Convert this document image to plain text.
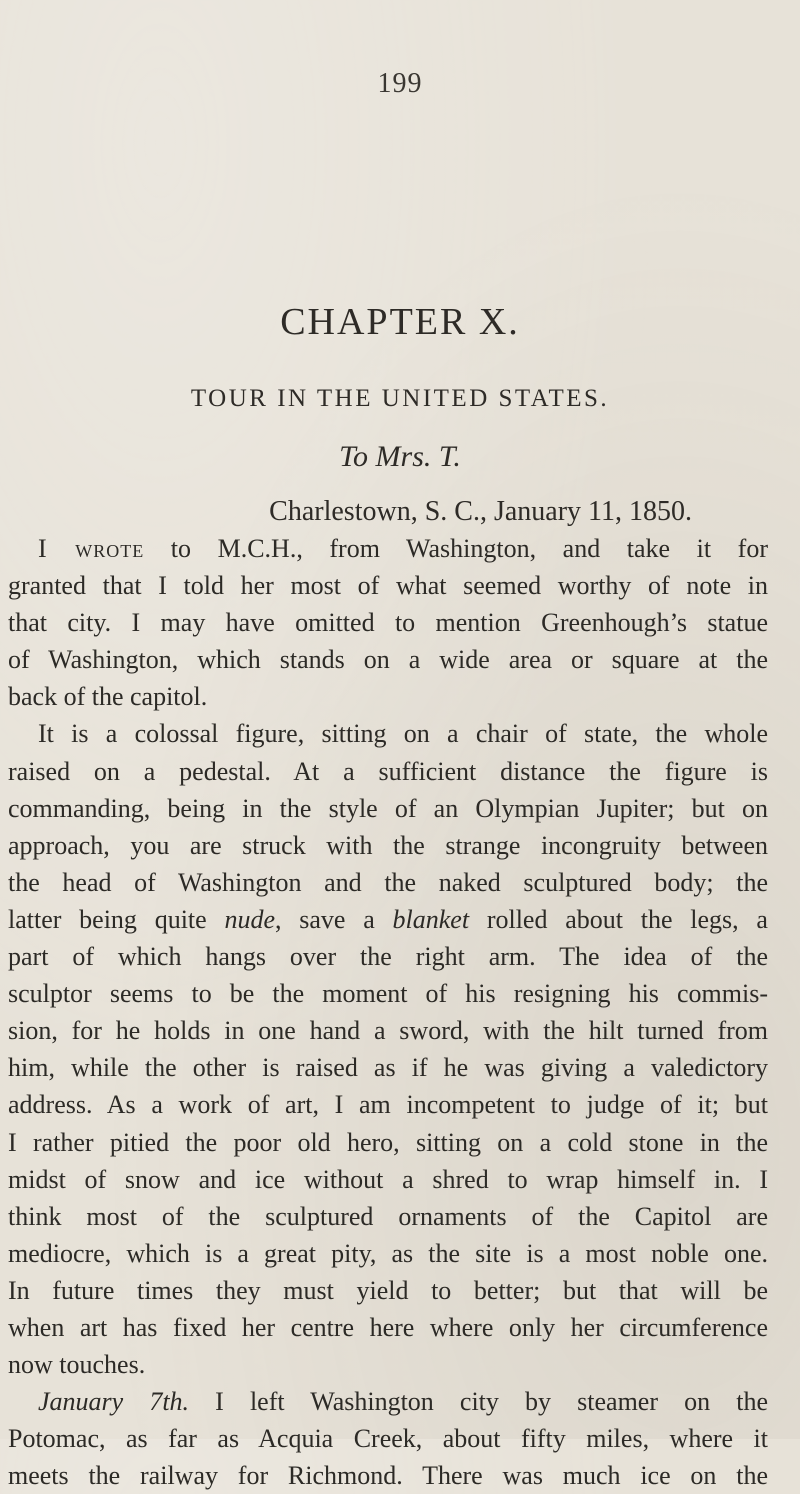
199
CHAPTER X.
TOUR IN THE UNITED STATES.
To Mrs. T.
Charlestown, S. C., January 11, 1850.
I wrote to M.C.H., from Washington, and take it for
granted that I told her most of what seemed worthy of note in
that city. I may have omitted to mention Greenhough’s statue
of Washington, which stands on a wide area or square at the
back of the capitol.
It is a colossal figure, sitting on a chair of state, the whole
raised on a pedestal. At a sufficient distance the figure is
commanding, being in the style of an Olympian Jupiter; but on
approach, you are struck with the strange incongruity between
the head of Washington and the naked sculptured body; the
latter being quite nude, save a blanket rolled about the legs, a
part of which hangs over the right arm. The idea of the
sculptor seems to be the moment of his resigning his commis-
sion, for he holds in one hand a sword, with the hilt turned from
him, while the other is raised as if he was giving a valedictory
address. As a work of art, I am incompetent to judge of it; but
I rather pitied the poor old hero, sitting on a cold stone in the
midst of snow and ice without a shred to wrap himself in. I
think most of the sculptured ornaments of the Capitol are
mediocre, which is a great pity, as the site is a most noble one.
In future times they must yield to better; but that will be
when art has fixed her centre here where only her circumference
now touches.
January 7th. I left Washington city by steamer on the
Potomac, as far as Acquia Creek, about fifty miles, where it
meets the railway for Richmond. There was much ice on the
